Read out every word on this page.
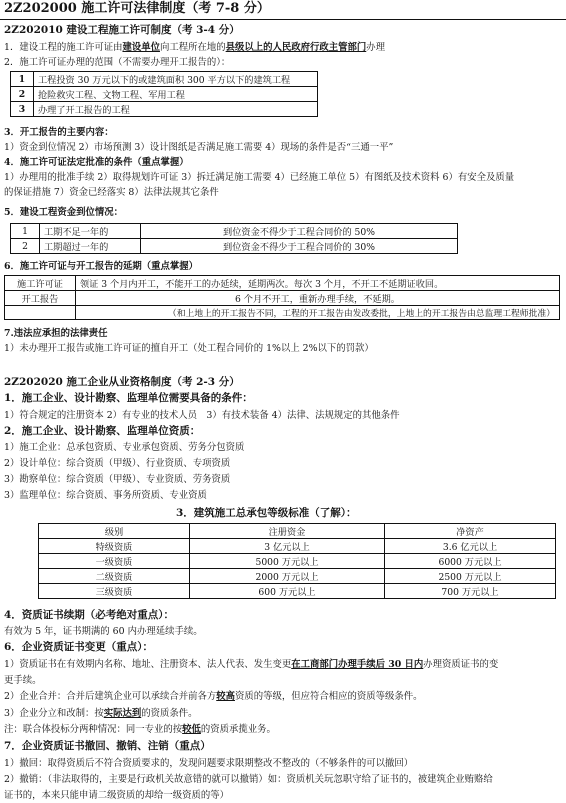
2Z202000 施工许可法律制度（考 7-8 分）
2Z202010 建设工程施工许可制度（考 3-4 分）
1．建设工程的施工许可证由建设单位向工程所在地的县级以上的人民政府行政主管部门办理
2．施工许可证办理的范围（不需要办理开工报告的）：
1	工程投资 30 万元以下的或建筑面积 300 平方以下的建筑工程
2	抢险救灾工程、文物工程、军用工程
3	办理了开工报告的工程
3．开工报告的主要内容：
1）资金到位情况 2）市场预测 3）设计图纸是否满足施工需要 4）现场的条件是否“三通一平”
4．施工许可证法定批准的条件（重点掌握）
1）办理用的批准手续 2）取得规划许可证 3）拆迁满足施工需要 4）已经施工单位 5）有图纸及技术资料 6）有安全及质量
的保证措施 7）资金已经落实 8）法律法规其它条件
5．建设工程资金到位情况：
1	工期不足一年的	到位资金不得少于工程合同价的 50%
2	工期超过一年的	到位资金不得少于工程合同价的 30%
6．施工许可证与开工报告的延期（重点掌握）
施工许可证	领证 3 个月内开工，不能开工的办延续，延期两次。每次 3 个月，不开工不延期证收回。
开工报告	6 个月不开工，重新办理手续，不延期。
	（和上地上的开工报告不同，工程的开工报告由发改委批，上地上的开工报告由总监理工程师批准）
7.违法应承担的法律责任
1）未办理开工报告或施工许可证的擅自开工（处工程合同价的 1%以上 2%以下的罚款）
2Z202020 施工企业从业资格制度（考 2-3 分）
1．施工企业、设计勘察、监理单位需要具备的条件：
1）符合规定的注册资本 2）有专业的技术人员　3）有技术装备 4）法律、法规规定的其他条件
2．施工企业、设计勘察、监理单位资质：
1）施工企业：总承包资质、专业承包资质、劳务分包资质
2）设计单位：综合资质（甲级）、行业资质、专项资质
3）勘察单位：综合资质（甲级）、专业资质、劳务资质
3）监理单位：综合资质、事务所资质、专业资质
3．建筑施工总承包等级标准（了解）：
级别	注册资金	净资产
特级资质	3 亿元以上	3.6 亿元以上
一级资质	5000 万元以上	6000 万元以上
二级资质	2000 万元以上	2500 万元以上
三级资质	600 万元以上	700 万元以上
4．资质证书续期（必考绝对重点）：
有效为 5 年，证书期满的 60 内办理延续手续。
6．企业资质证书变更（重点）：
1）资质证书在有效期内名称、地址、注册资本、法人代表、发生变更在工商部门办理手续后 30 日内办理资质证书的变
更手续。
2）企业合并：合并后建筑企业可以承续合并前各方较高资质的等级，但应符合相应的资质等级条件。
3）企业分立和改制：按实际达到的资质条件。
注：联合体投标分两种情况：同一专业的按较低的资质承揽业务。
7．企业资质证书撤回、撤销、注销（重点）
1）撤回：取得资质后不符合资质要求的，发现问题要求限期整改不整改的（不够条件的可以撤回）
2）撤销：（非法取得的，主要是行政机关故意错的就可以撤销）如：资质机关玩忽职守给了证书的，被建筑企业贿赂给
证书的，本来只能申请二级资质的却给一级资质的等）
